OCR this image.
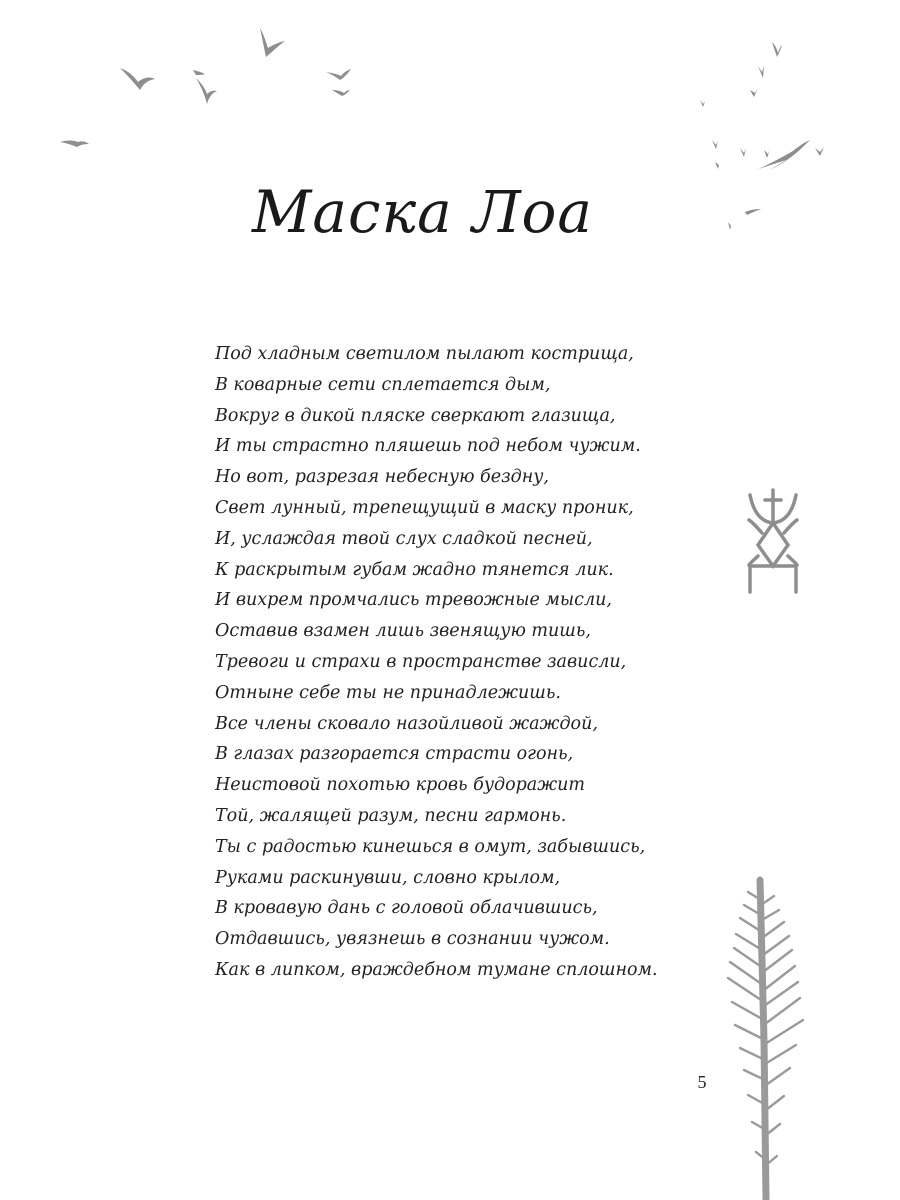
Маска Лоа
Под хладным светилом пылают кострища,
В коварные сети сплетается дым,
Вокруг в дикой пляске сверкают глазища,
И ты страстно пляшешь под небом чужим.
Но вот, разрезая небесную бездну,
Свет лунный, трепещущий в маску проник,
И, услаждая твой слух сладкой песней,
К раскрытым губам жадно тянется лик.
И вихрем промчались тревожные мысли,
Оставив взамен лишь звенящую тишь,
Тревоги и страхи в пространстве зависли,
Отныне себе ты не принадлежишь.
Все члены сковало назойливой жаждой,
В глазах разгорается страсти огонь,
Неистовой похотью кровь будоражит
Той, жалящей разум, песни гармонь.
Ты с радостью кинешься в омут, забывшись,
Руками раскинувши, словно крылом,
В кровавую дань с головой облачившись,
Отдавшись, увязнешь в сознании чужом.
Как в липком, враждебном тумане сплошном.
5
